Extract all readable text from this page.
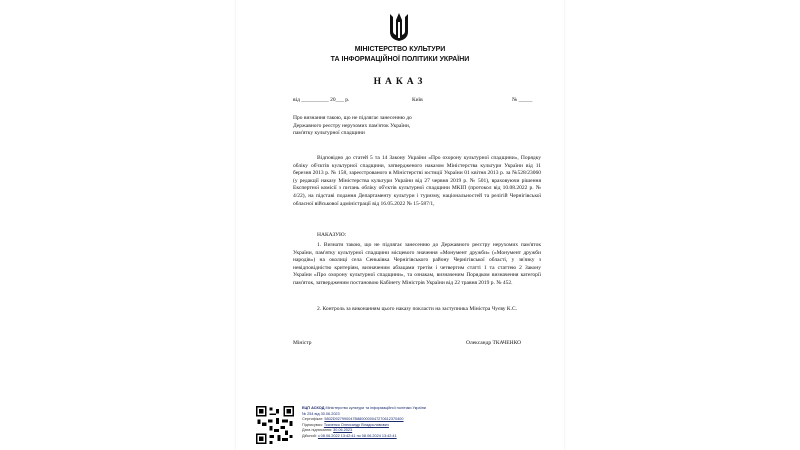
МІНІСТЕРСТВО КУЛЬТУРИ
ТА ІНФОРМАЦІЙНОЇ ПОЛІТИКИ УКРАЇНИ
НАКАЗ
від __________ 20___ р.	Київ	№ _____
Про визнання такою, що не підлягає занесенню до Державного реєстру нерухомих пам'яток України, пам'ятку культурної спадщини

Відповідно до статей 5 та 14 Закону України «Про охорону культурної спадщини», Порядку обліку об'єктів культурної спадщини, затвердженого наказом Міністерства культури України від 11 березня 2013 р. № 158, зареєстрованого в Міністерстві юстиції України 01 квітня 2013 р. за №528/23060 (у редакції наказу Міністерства культури України від 27 червня 2019 р. № 501), враховуючи рішення Експертної комісії з питань обліку об'єктів культурної спадщини МКІП (протокол від 10.08.2022 р. № 4/22), на підставі подання Департаменту культури і туризму, національностей та релігій Чернігівської обласної військової адміністрації від 16.05.2022 № 15-587/1,

НАКАЗУЮ:

1. Визнати такою, що не підлягає занесенню до Державного реєстру нерухомих пам'яток України, пам'ятку культурної спадщини місцевого значення «Монумент дружби» («Монумент дружби народів») на околиці села Сеньківка Чернігівського району Чернігівської області, у зв'язку з невідповідністю критеріям, визначеним абзацами третім і четвертим статті 1 та статтею 2 Закону України «Про охорону культурної спадщини», та ознакам, визначеним Порядком визначення категорії пам'яток, затвердженим постановою Кабінету Міністрів України від 22 травня 2019 р. № 452.

2. Контроль за виконанням цього наказу покласти на заступника Міністра Чуєву К.С.

Міністр	Олександр ТКАЧЕНКО
ЕЦП АСКОД Міністерство культури та інформаційної політики України
№ 254 від 30.06.2023
Сертифікат: 5802D927990047B8800000047270612370400
Підписувач: Ткаченко Олександр Владиславович
Дата підписання: 30.06.2023
Дійсний: з 08.06.2022 13:42:41 по 08.06.2024 13:42:41
